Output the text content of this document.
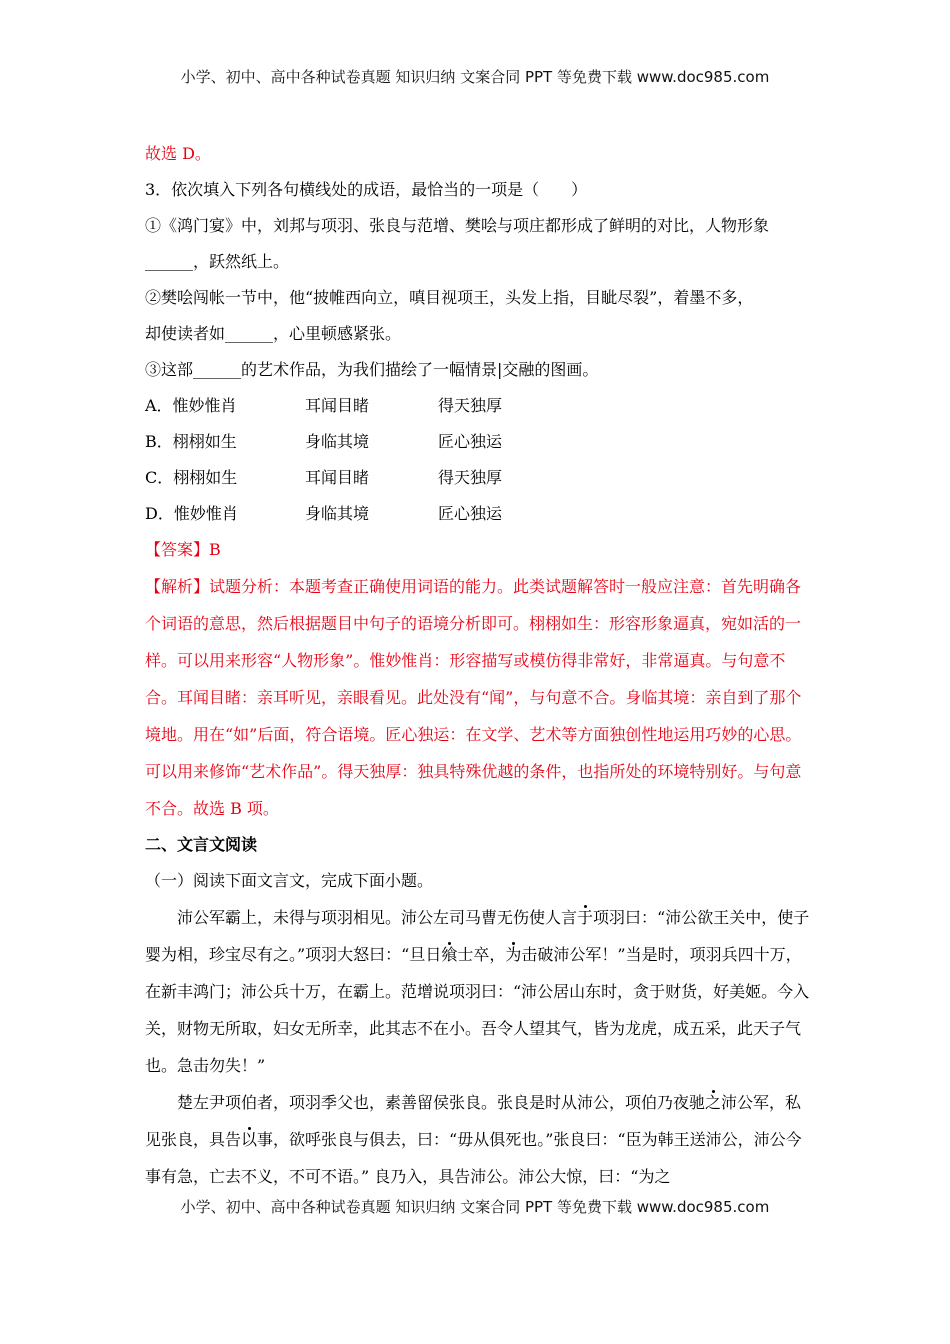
小学、初中、高中各种试卷真题 知识归纳 文案合同 PPT 等免费下载 www.doc985.com

故选 D。

3．依次填入下列各句横线处的成语，最恰当的一项是（　　）

①《鸿门宴》中，刘邦与项羽、张良与范增、樊哙与项庄都形成了鲜明的对比，人物形象

______，跃然纸上。

②樊哙闯帐一节中，他“披帷西向立，嗔目视项王，头发上指，目眦尽裂”，着墨不多，

却使读者如______，心里顿感紧张。

③这部______的艺术作品，为我们描绘了一幅情景|交融的图画。

A．惟妙惟肖	耳闻目睹	得天独厚
B．栩栩如生	身临其境	匠心独运
C．栩栩如生	耳闻目睹	得天独厚
D．惟妙惟肖	身临其境	匠心独运

【答案】B

【解析】试题分析：本题考查正确使用词语的能力。此类试题解答时一般应注意：首先明确各个词语的意思，然后根据题目中句子的语境分析即可。栩栩如生：形容形象逼真，宛如活的一样。可以用来形容“人物形象”。惟妙惟肖：形容描写或模仿得非常好，非常逼真。与句意不合。耳闻目睹：亲耳听见，亲眼看见。此处没有“闻”，与句意不合。身临其境：亲自到了那个境地。用在“如”后面，符合语境。匠心独运：在文学、艺术等方面独创性地运用巧妙的心思。可以用来修饰“艺术作品”。得天独厚：独具特殊优越的条件，也指所处的环境特别好。与句意不合。故选 B 项。

二、文言文阅读

（一）阅读下面文言文，完成下面小题。

沛公军霸上，未得与项羽相见。沛公左司马曹无伤使人言于项羽曰：“沛公欲王关中，使子婴为相，珍宝尽有之。”项羽大怒曰：“旦日飨士卒，为击破沛公军！”当是时，项羽兵四十万，在新丰鸿门；沛公兵十万，在霸上。范增说项羽曰：“沛公居山东时，贪于财货，好美姬。今入关，财物无所取，妇女无所幸，此其志不在小。吾令人望其气，皆为龙虎，成五采，此天子气也。急击勿失！”

楚左尹项伯者，项羽季父也，素善留侯张良。张良是时从沛公，项伯乃夜驰之沛公军，私见张良，具告以事，欲呼张良与俱去，曰：“毋从俱死也。”张良曰：“臣为韩王送沛公，沛公今事有急，亡去不义，不可不语。” 良乃入，具告沛公。沛公大惊，曰：“为之

小学、初中、高中各种试卷真题 知识归纳 文案合同 PPT 等免费下载 www.doc985.com
